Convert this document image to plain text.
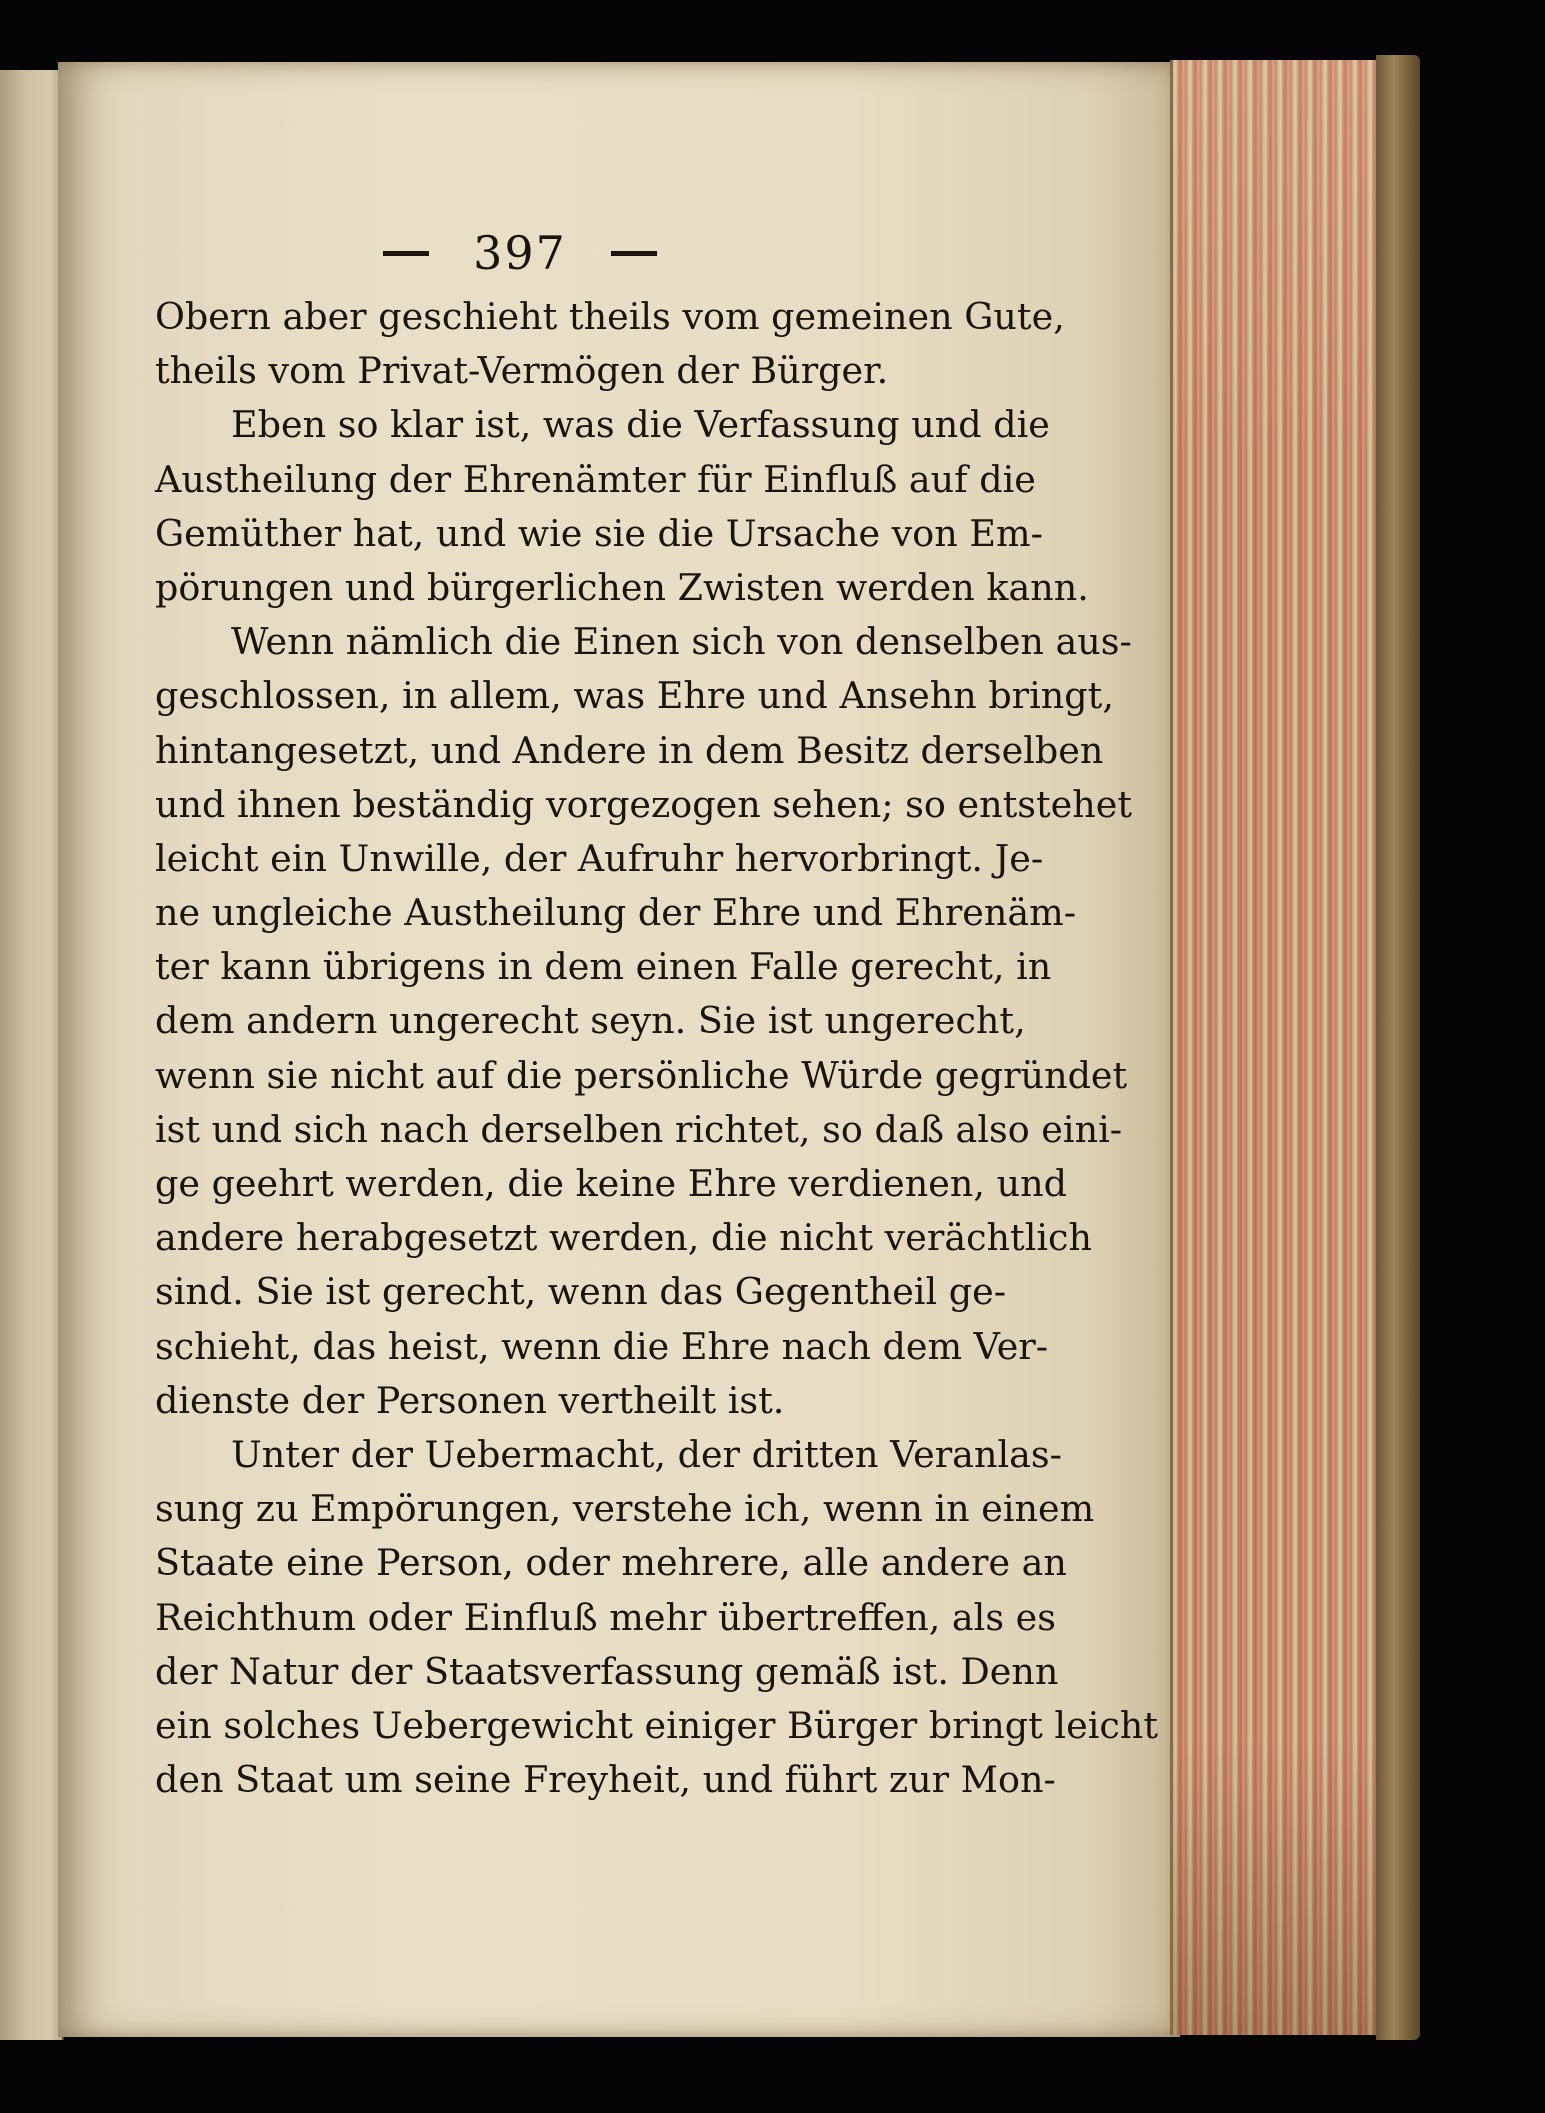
397
Obern aber geschieht theils vom gemeinen Gute,
theils vom Privat-Vermögen der Bürger.
Eben so klar ist, was die Verfassung und die
Austheilung der Ehrenämter für Einfluß auf die
Gemüther hat, und wie sie die Ursache von Em-
pörungen und bürgerlichen Zwisten werden kann.
Wenn nämlich die Einen sich von denselben aus-
geschlossen, in allem, was Ehre und Ansehn bringt,
hintangesetzt, und Andere in dem Besitz derselben
und ihnen beständig vorgezogen sehen; so entstehet
leicht ein Unwille, der Aufruhr hervorbringt. Je-
ne ungleiche Austheilung der Ehre und Ehrenäm-
ter kann übrigens in dem einen Falle gerecht, in
dem andern ungerecht seyn. Sie ist ungerecht,
wenn sie nicht auf die persönliche Würde gegründet
ist und sich nach derselben richtet, so daß also eini-
ge geehrt werden, die keine Ehre verdienen, und
andere herabgesetzt werden, die nicht verächtlich
sind. Sie ist gerecht, wenn das Gegentheil ge-
schieht, das heist, wenn die Ehre nach dem Ver-
dienste der Personen vertheilt ist.
Unter der Uebermacht, der dritten Veranlas-
sung zu Empörungen, verstehe ich, wenn in einem
Staate eine Person, oder mehrere, alle andere an
Reichthum oder Einfluß mehr übertreffen, als es
der Natur der Staatsverfassung gemäß ist. Denn
ein solches Uebergewicht einiger Bürger bringt leicht
den Staat um seine Freyheit, und führt zur Mon-
